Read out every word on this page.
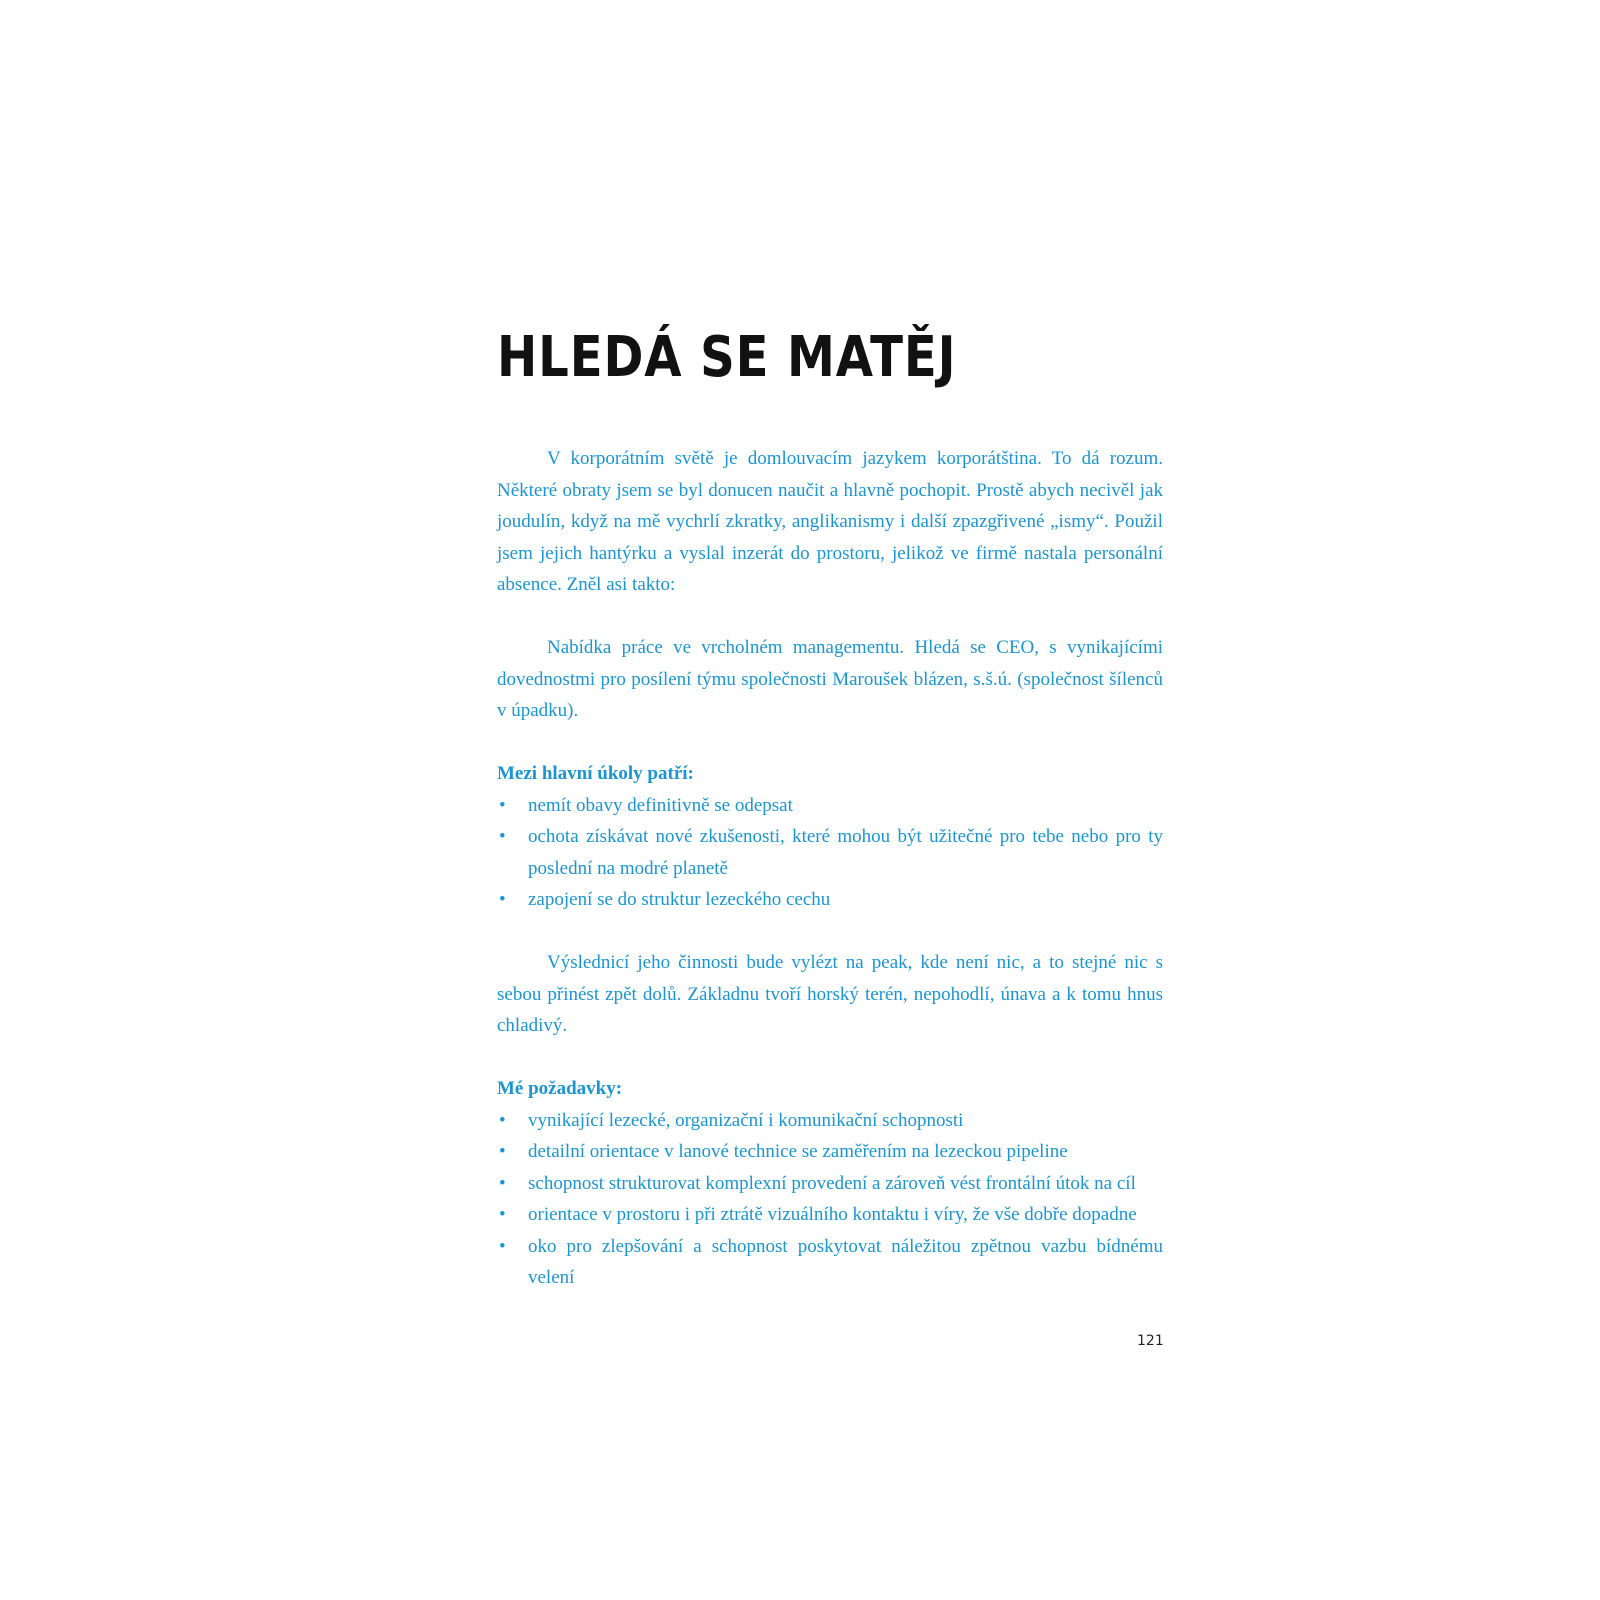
HLEDÁ SE MATĚJ

V korporátním světě je domlouvacím jazykem korporátština. To dá rozum. Některé obraty jsem se byl donucen naučit a hlavně pochopit. Prostě abych necivěl jak joudulín, když na mě vychrlí zkratky, anglikanismy i další zpazgřivené „ismy“. Použil jsem jejich hantýrku a vyslal inzerát do prostoru, jelikož ve firmě nastala personální absence. Zněl asi takto:

Nabídka práce ve vrcholném managementu. Hledá se CEO, s vynikajícími dovednostmi pro posílení týmu společnosti Maroušek blázen, s.š.ú. (společnost šílenců v úpadku).

Mezi hlavní úkoly patří:

• nemít obavy definitivně se odepsat
• ochota získávat nové zkušenosti, které mohou být užitečné pro tebe nebo pro ty poslední na modré planetě
• zapojení se do struktur lezeckého cechu

Výslednicí jeho činnosti bude vylézt na peak, kde není nic, a to stejné nic s sebou přinést zpět dolů. Základnu tvoří horský terén, nepohodlí, únava a k tomu hnus chladivý.

Mé požadavky:

• vynikající lezecké, organizační i komunikační schopnosti
• detailní orientace v lanové technice se zaměřením na lezeckou pipeline
• schopnost strukturovat komplexní provedení a zároveň vést frontální útok na cíl
• orientace v prostoru i při ztrátě vizuálního kontaktu i víry, že vše dobře dopadne
• oko pro zlepšování a schopnost poskytovat náležitou zpětnou vazbu bídnému velení
121
